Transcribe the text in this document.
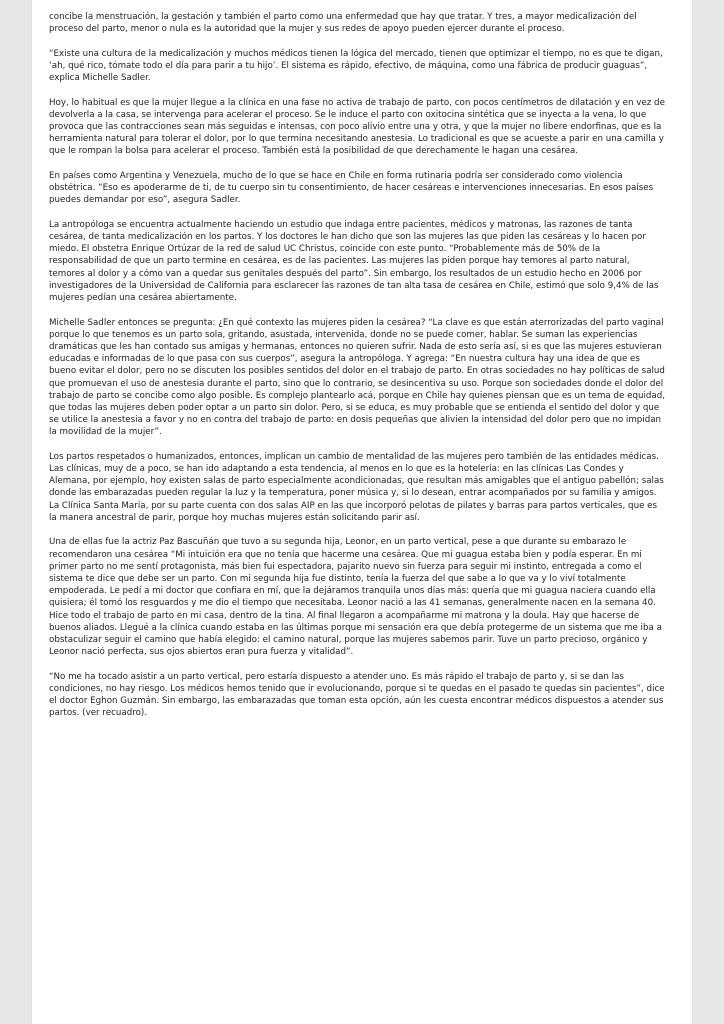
concibe la menstruación, la gestación y también el parto como una enfermedad que hay que tratar. Y tres, a mayor medicalización del proceso del parto, menor o nula es la autoridad que la mujer y sus redes de apoyo pueden ejercer durante el proceso.

“Existe una cultura de la medicalización y muchos médicos tienen la lógica del mercado, tienen que optimizar el tiempo, no es que te digan, ‘ah, qué rico, tómate todo el día para parir a tu hijo’. El sistema es rápido, efectivo, de máquina, como una fábrica de producir guaguas”, explica Michelle Sadler.

Hoy, lo habitual es que la mujer llegue a la clínica en una fase no activa de trabajo de parto, con pocos centímetros de dilatación y en vez de devolverla a la casa, se intervenga para acelerar el proceso. Se le induce el parto con oxitocina sintética que se inyecta a la vena, lo que provoca que las contracciones sean más seguidas e intensas, con poco alivio entre una y otra, y que la mujer no libere endorfinas, que es la herramienta natural para tolerar el dolor, por lo que termina necesitando anestesia. Lo tradicional es que se acueste a parir en una camilla y que le rompan la bolsa para acelerar el proceso. También está la posibilidad de que derechamente le hagan una cesárea.

En países como Argentina y Venezuela, mucho de lo que se hace en Chile en forma rutinaria podría ser considerado como violencia obstétrica. “Eso es apoderarme de ti, de tu cuerpo sin tu consentimiento, de hacer cesáreas e intervenciones innecesarias. En esos países puedes demandar por eso”, asegura Sadler.

La antropóloga se encuentra actualmente haciendo un estudio que indaga entre pacientes, médicos y matronas, las razones de tanta cesárea, de tanta medicalización en los partos. Y los doctores le han dicho que son las mujeres las que piden las cesáreas y lo hacen por miedo. El obstetra Enrique Ortúzar de la red de salud UC Christus, coincide con este punto. “Probablemente más de 50% de la responsabilidad de que un parto termine en cesárea, es de las pacientes. Las mujeres las piden porque hay temores al parto natural, temores al dolor y a cómo van a quedar sus genitales después del parto”. Sin embargo, los resultados de un estudio hecho en 2006 por investigadores de la Universidad de California para esclarecer las razones de tan alta tasa de cesárea en Chile, estimó que solo 9,4% de las mujeres pedían una cesárea abiertamente.

Michelle Sadler entonces se pregunta: ¿En qué contexto las mujeres piden la cesárea? “La clave es que están aterrorizadas del parto vaginal porque lo que tenemos es un parto sola, gritando, asustada, intervenida, donde no se puede comer, hablar. Se suman las experiencias dramáticas que les han contado sus amigas y hermanas, entonces no quieren sufrir. Nada de esto sería así, si es que las mujeres estuvieran educadas e informadas de lo que pasa con sus cuerpos”, asegura la antropóloga. Y agrega: “En nuestra cultura hay una idea de que es bueno evitar el dolor, pero no se discuten los posibles sentidos del dolor en el trabajo de parto. En otras sociedades no hay políticas de salud que promuevan el uso de anestesia durante el parto, sino que lo contrario, se desincentiva su uso. Porque son sociedades donde el dolor del trabajo de parto se concibe como algo posible. Es complejo plantearlo acá, porque en Chile hay quienes piensan que es un tema de equidad, que todas las mujeres deben poder optar a un parto sin dolor. Pero, si se educa, es muy probable que se entienda el sentido del dolor y que se utilice la anestesia a favor y no en contra del trabajo de parto: en dosis pequeñas que alivien la intensidad del dolor pero que no impidan la movilidad de la mujer”.

Los partos respetados o humanizados, entonces, implican un cambio de mentalidad de las mujeres pero también de las entidades médicas. Las clínicas, muy de a poco, se han ido adaptando a esta tendencia, al menos en lo que es la hotelería: en las clínicas Las Condes y Alemana, por ejemplo, hoy existen salas de parto especialmente acondicionadas, que resultan más amigables que el antiguo pabellón; salas donde las embarazadas pueden regular la luz y la temperatura, poner música y, si lo desean, entrar acompañados por su familia y amigos. La Clínica Santa María, por su parte cuenta con dos salas AIP en las que incorporó pelotas de pilates y barras para partos verticales, que es la manera ancestral de parir, porque hoy muchas mujeres están solicitando parir así.

Una de ellas fue la actriz Paz Bascuñán que tuvo a su segunda hija, Leonor, en un parto vertical, pese a que durante su embarazo le recomendaron una cesárea “Mi intuición era que no tenía que hacerme una cesárea. Que mi guagua estaba bien y podía esperar. En mi primer parto no me sentí protagonista, más bien fui espectadora, pajarito nuevo sin fuerza para seguir mi instinto, entregada a como el sistema te dice que debe ser un parto. Con mi segunda hija fue distinto, tenía la fuerza del que sabe a lo que va y lo viví totalmente empoderada. Le pedí a mi doctor que confiara en mí, que la dejáramos tranquila unos días más: quería que mi guagua naciera cuando ella quisiera; él tomó los resguardos y me dio el tiempo que necesitaba. Leonor nació a las 41 semanas, generalmente nacen en la semana 40. Hice todo el trabajo de parto en mi casa, dentro de la tina. Al final llegaron a acompañarme mi matrona y la doula. Hay que hacerse de buenos aliados. Llegué a la clínica cuando estaba en las últimas porque mi sensación era que debía protegerme de un sistema que me iba a obstaculizar seguir el camino que había elegido: el camino natural, porque las mujeres sabemos parir. Tuve un parto precioso, orgánico y Leonor nació perfecta, sus ojos abiertos eran pura fuerza y vitalidad”.

“No me ha tocado asistir a un parto vertical, pero estaría dispuesto a atender uno. Es más rápido el trabajo de parto y, si se dan las condiciones, no hay riesgo. Los médicos hemos tenido que ir evolucionando, porque si te quedas en el pasado te quedas sin pacientes”, dice el doctor Eghon Guzmán. Sin embargo, las embarazadas que toman esta opción, aún les cuesta encontrar médicos dispuestos a atender sus partos. (ver recuadro).
